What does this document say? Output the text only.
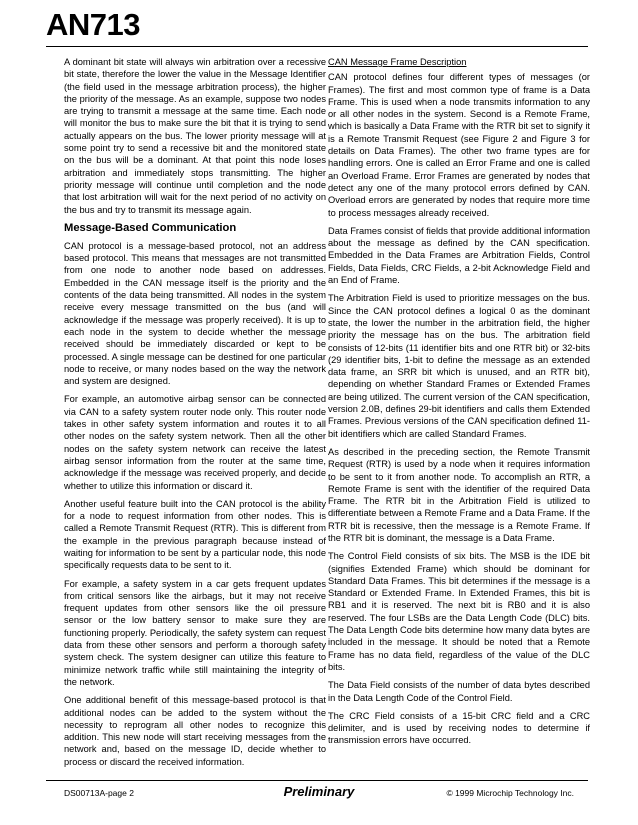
AN713

A dominant bit state will always win arbitration over a recessive bit state, therefore the lower the value in the Message Identifier (the field used in the message arbitration process), the higher the priority of the message. As an example, suppose two nodes are trying to transmit a message at the same time. Each node will monitor the bus to make sure the bit that it is trying to send actually appears on the bus. The lower priority message will at some point try to send a recessive bit and the monitored state on the bus will be a dominant. At that point this node loses arbitration and immediately stops transmitting. The higher priority message will continue until completion and the node that lost arbitration will wait for the next period of no activity on the bus and try to transmit its message again.

Message-Based Communication

CAN protocol is a message-based protocol, not an address based protocol. This means that messages are not transmitted from one node to another node based on addresses. Embedded in the CAN message itself is the priority and the contents of the data being transmitted. All nodes in the system receive every message transmitted on the bus (and will acknowledge if the message was properly received). It is up to each node in the system to decide whether the message received should be immediately discarded or kept to be processed. A single message can be destined for one particular node to receive, or many nodes based on the way the network and system are designed.

For example, an automotive airbag sensor can be connected via CAN to a safety system router node only. This router node takes in other safety system information and routes it to all other nodes on the safety system network. Then all the other nodes on the safety system network can receive the latest airbag sensor information from the router at the same time, acknowledge if the message was received properly, and decide whether to utilize this information or discard it.

Another useful feature built into the CAN protocol is the ability for a node to request information from other nodes. This is called a Remote Transmit Request (RTR). This is different from the example in the previous paragraph because instead of waiting for information to be sent by a particular node, this node specifically requests data to be sent to it.

For example, a safety system in a car gets frequent updates from critical sensors like the airbags, but it may not receive frequent updates from other sensors like the oil pressure sensor or the low battery sensor to make sure they are functioning properly. Periodically, the safety system can request data from these other sensors and perform a thorough safety system check. The system designer can utilize this feature to minimize network traffic while still maintaining the integrity of the network.

One additional benefit of this message-based protocol is that additional nodes can be added to the system without the necessity to reprogram all other nodes to recognize this addition. This new node will start receiving messages from the network and, based on the message ID, decide whether to process or discard the received information.

CAN Message Frame Description

CAN protocol defines four different types of messages (or Frames). The first and most common type of frame is a Data Frame. This is used when a node transmits information to any or all other nodes in the system. Second is a Remote Frame, which is basically a Data Frame with the RTR bit set to signify it is a Remote Transmit Request (see Figure 2 and Figure 3 for details on Data Frames). The other two frame types are for handling errors. One is called an Error Frame and one is called an Overload Frame. Error Frames are generated by nodes that detect any one of the many protocol errors defined by CAN. Overload errors are generated by nodes that require more time to process messages already received.

Data Frames consist of fields that provide additional information about the message as defined by the CAN specification. Embedded in the Data Frames are Arbitration Fields, Control Fields, Data Fields, CRC Fields, a 2-bit Acknowledge Field and an End of Frame.

The Arbitration Field is used to prioritize messages on the bus. Since the CAN protocol defines a logical 0 as the dominant state, the lower the number in the arbitration field, the higher priority the message has on the bus. The arbitration field consists of 12-bits (11 identifier bits and one RTR bit) or 32-bits (29 identifier bits, 1-bit to define the message as an extended data frame, an SRR bit which is unused, and an RTR bit), depending on whether Standard Frames or Extended Frames are being utilized. The current version of the CAN specification, version 2.0B, defines 29-bit identifiers and calls them Extended Frames. Previous versions of the CAN specification defined 11-bit identifiers which are called Standard Frames.

As described in the preceding section, the Remote Transmit Request (RTR) is used by a node when it requires information to be sent to it from another node. To accomplish an RTR, a Remote Frame is sent with the identifier of the required Data Frame. The RTR bit in the Arbitration Field is utilized to differentiate between a Remote Frame and a Data Frame. If the RTR bit is recessive, then the message is a Remote Frame. If the RTR bit is dominant, the message is a Data Frame.

The Control Field consists of six bits. The MSB is the IDE bit (signifies Extended Frame) which should be dominant for Standard Data Frames. This bit determines if the message is a Standard or Extended Frame. In Extended Frames, this bit is RB1 and it is reserved. The next bit is RB0 and it is also reserved. The four LSBs are the Data Length Code (DLC) bits. The Data Length Code bits determine how many data bytes are included in the message. It should be noted that a Remote Frame has no data field, regardless of the value of the DLC bits.

The Data Field consists of the number of data bytes described in the Data Length Code of the Control Field.

The CRC Field consists of a 15-bit CRC field and a CRC delimiter, and is used by receiving nodes to determine if transmission errors have occurred.

DS00713A-page 2	Preliminary	© 1999 Microchip Technology Inc.
